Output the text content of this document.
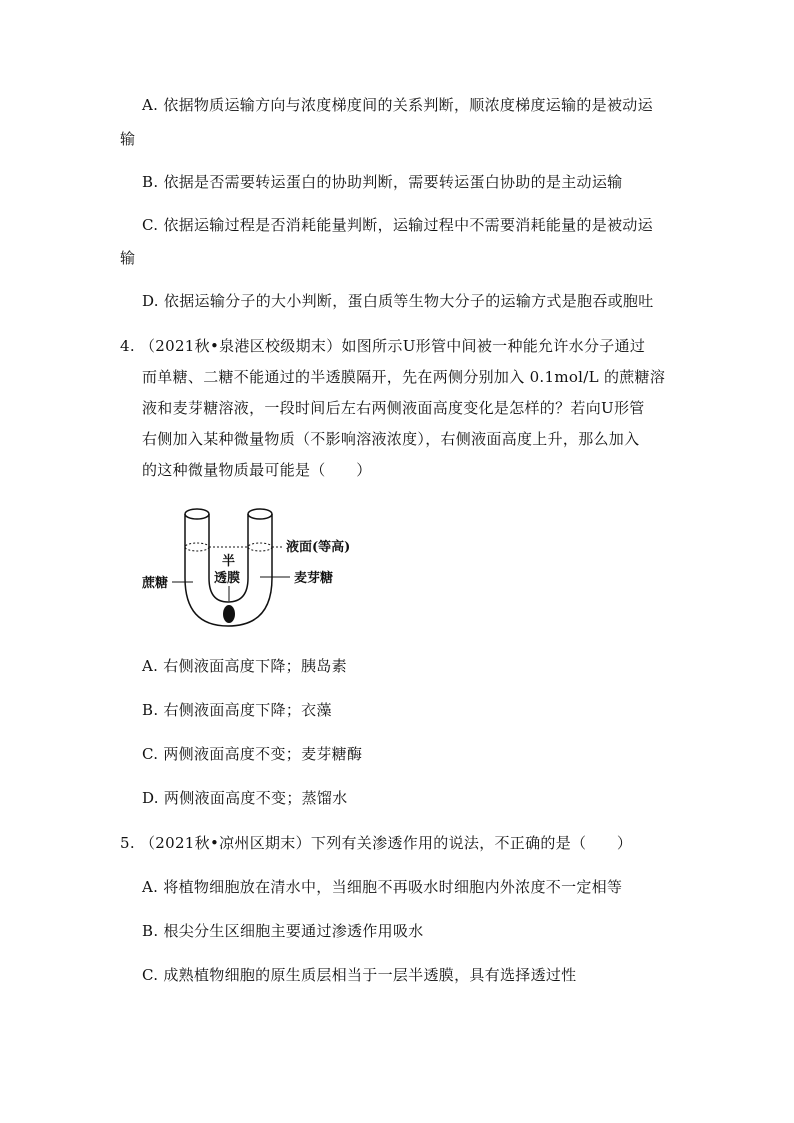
A. 依据物质运输方向与浓度梯度间的关系判断，顺浓度梯度运输的是被动运
输
B. 依据是否需要转运蛋白的协助判断，需要转运蛋白协助的是主动运输
C. 依据运输过程是否消耗能量判断，运输过程中不需要消耗能量的是被动运
输
D. 依据运输分子的大小判断，蛋白质等生物大分子的运输方式是胞吞或胞吐
4. （2021秋•泉港区校级期末）如图所示U形管中间被一种能允许水分子通过
而单糖、二糖不能通过的半透膜隔开，先在两侧分别加入 0.1mol/L 的蔗糖溶
液和麦芽糖溶液，一段时间后左右两侧液面高度变化是怎样的？若向U形管
右侧加入某种微量物质（不影响溶液浓度），右侧液面高度上升，那么加入
的这种微量物质最可能是（　　）
液面(等高)
半
透膜
蔗糖	麦芽糖
A. 右侧液面高度下降；胰岛素
B. 右侧液面高度下降；衣藻
C. 两侧液面高度不变；麦芽糖酶
D. 两侧液面高度不变；蒸馏水
5. （2021秋•凉州区期末）下列有关渗透作用的说法，不正确的是（　　）
A. 将植物细胞放在清水中，当细胞不再吸水时细胞内外浓度不一定相等
B. 根尖分生区细胞主要通过渗透作用吸水
C. 成熟植物细胞的原生质层相当于一层半透膜，具有选择透过性
